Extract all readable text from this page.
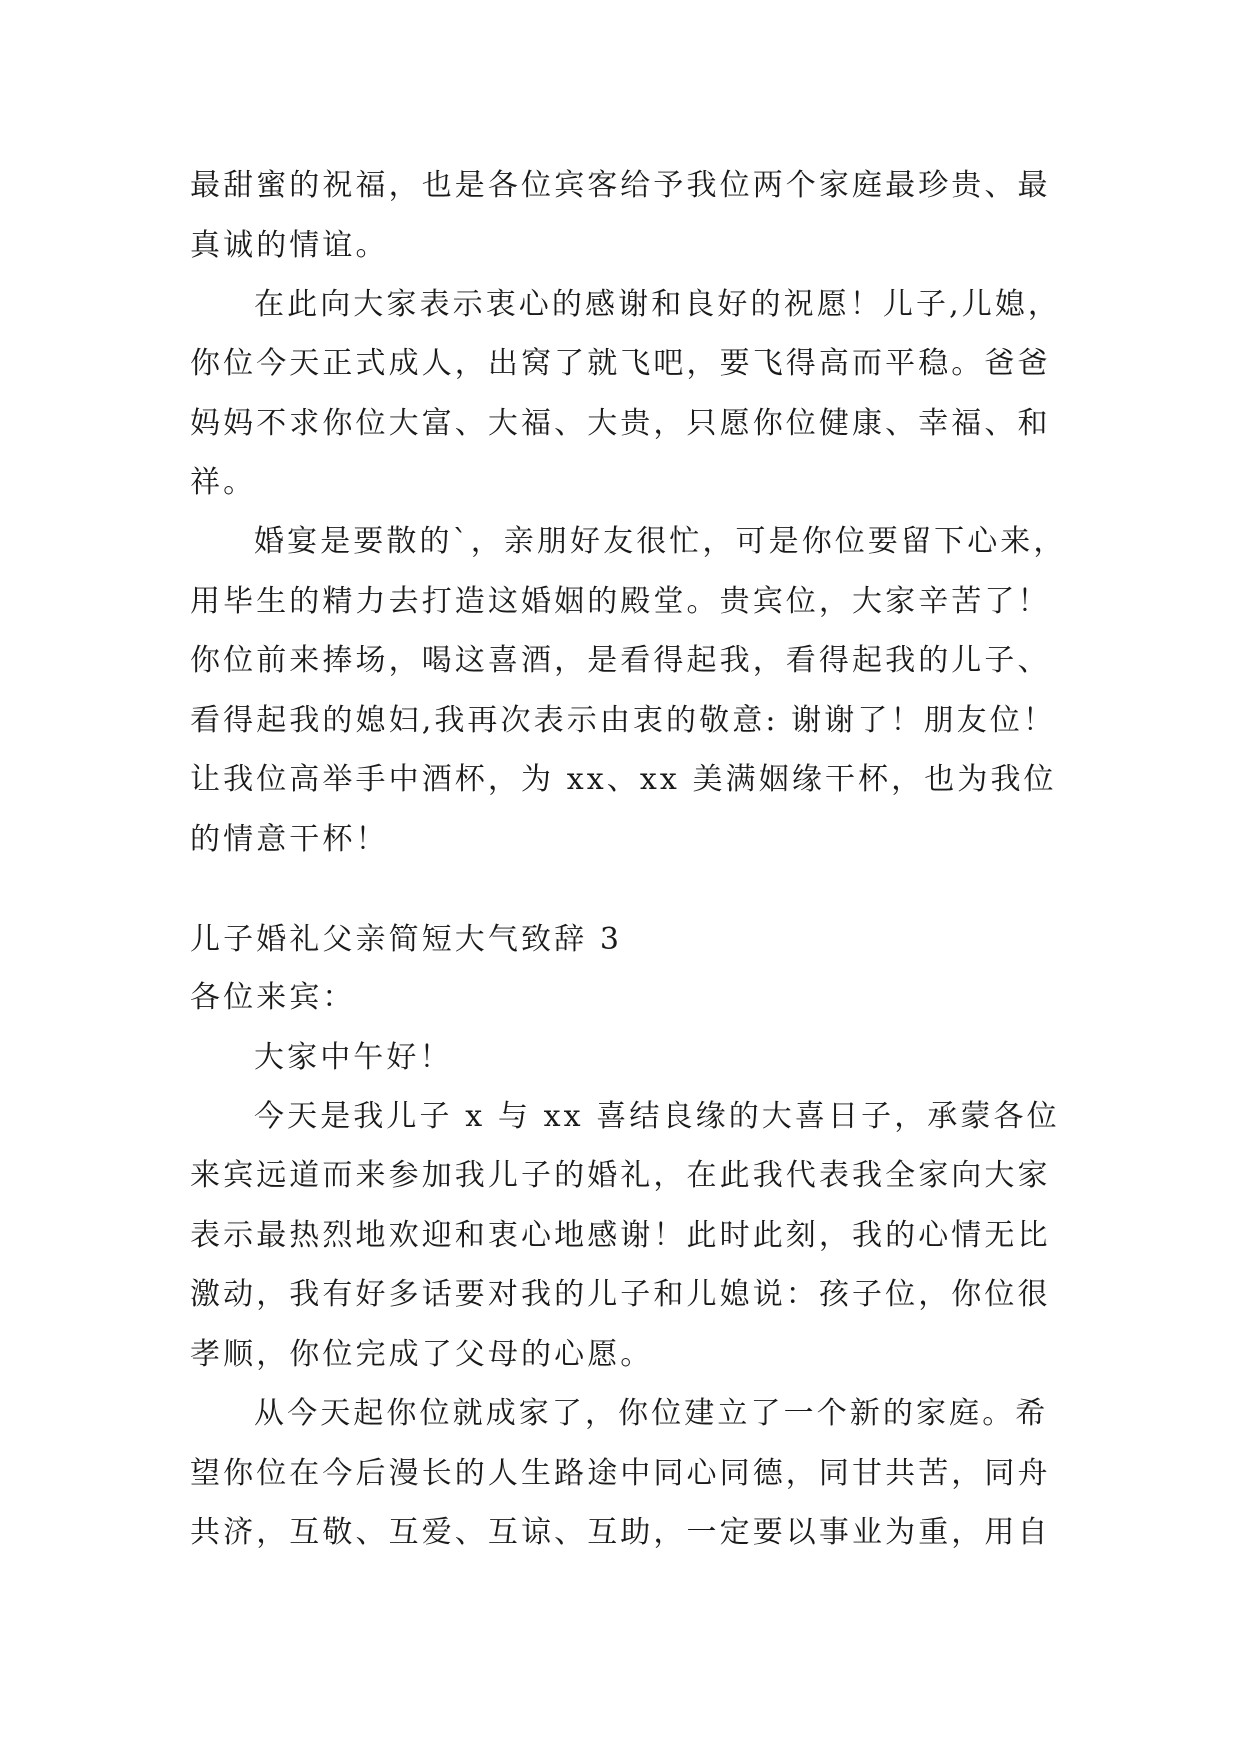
最甜蜜的祝福，也是各位宾客给予我位两个家庭最珍贵、最
真诚的情谊。
在此向大家表示衷心的感谢和良好的祝愿！儿子,儿媳，
你位今天正式成人，出窝了就飞吧，要飞得高而平稳。爸爸
妈妈不求你位大富、大福、大贵，只愿你位健康、幸福、和
祥。
婚宴是要散的`，亲朋好友很忙，可是你位要留下心来，
用毕生的精力去打造这婚姻的殿堂。贵宾位，大家辛苦了！
你位前来捧场，喝这喜酒，是看得起我，看得起我的儿子、
看得起我的媳妇,我再次表示由衷的敬意: 谢谢了！朋友位！
让我位高举手中酒杯，为 xx、xx 美满姻缘干杯，也为我位
的情意干杯！
儿子婚礼父亲简短大气致辞 3
各位来宾：
大家中午好！
今天是我儿子 x 与 xx 喜结良缘的大喜日子，承蒙各位
来宾远道而来参加我儿子的婚礼，在此我代表我全家向大家
表示最热烈地欢迎和衷心地感谢！此时此刻，我的心情无比
激动，我有好多话要对我的儿子和儿媳说：孩子位，你位很
孝顺，你位完成了父母的心愿。
从今天起你位就成家了，你位建立了一个新的家庭。希
望你位在今后漫长的人生路途中同心同德，同甘共苦，同舟
共济，互敬、互爱、互谅、互助，一定要以事业为重，用自
